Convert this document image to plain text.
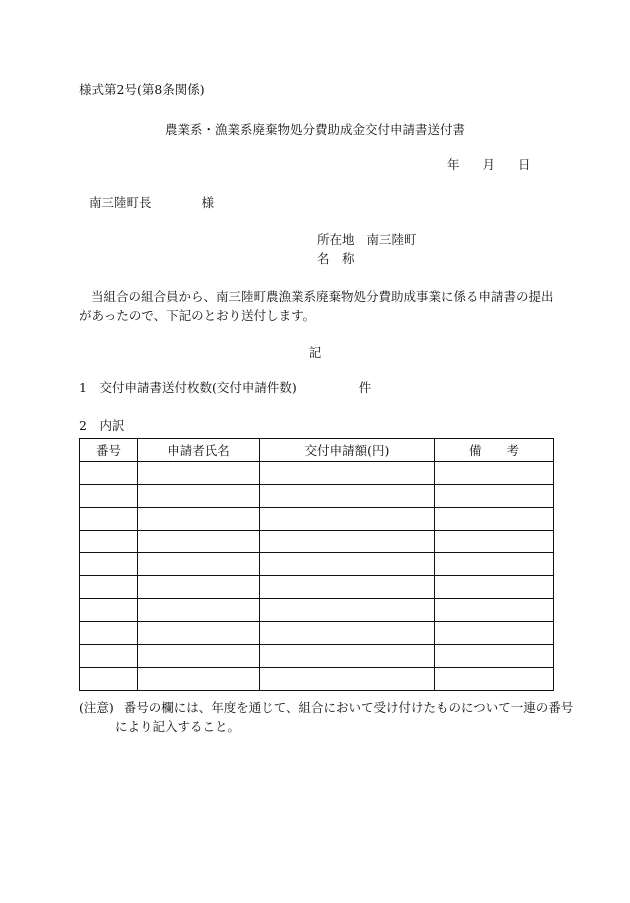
様式第2号(第8条関係)
農業系・漁業系廃棄物処分費助成金交付申請書送付書
年 月 日
南三陸町長	様
所在地 南三陸町
名　称
当組合の組合員から、南三陸町農漁業系廃棄物処分費助成事業に係る申請書の提出があったので、下記のとおり送付します。
記
1　交付申請書送付枚数(交付申請件数)	件
2　内訳
番号	申請者氏名	交付申請額(円)	備　　考

(注意) 番号の欄には、年度を通じて、組合において受け付けたものについて一連の番号
により記入すること。
